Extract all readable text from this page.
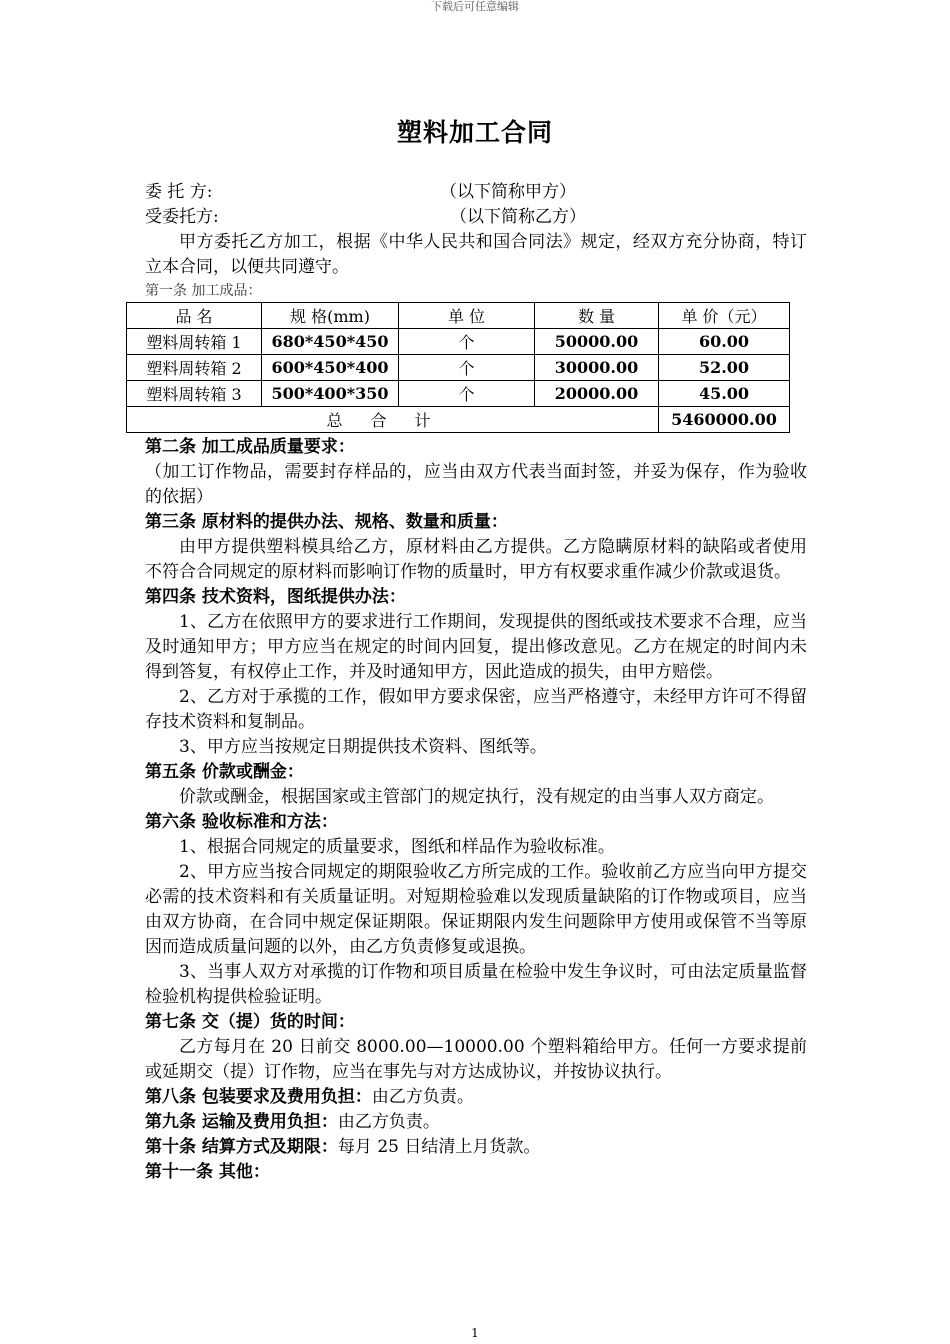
下载后可任意编辑
塑料加工合同
委 托 方:	（以下简称甲方）
受委托方:	（以下简称乙方）

甲方委托乙方加工，根据《中华人民共和国合同法》规定，经双方充分协商，特订立本合同，以便共同遵守。

第一条 加工成品：
品 名	规 格(mm)	单 位	数 量	单 价（元）
塑料周转箱 1	680*450*450	个	50000.00	60.00
塑料周转箱 2	600*450*400	个	30000.00	52.00
塑料周转箱 3	500*400*350	个	20000.00	45.00
总合计				5460000.00
第二条 加工成品质量要求：

（加工订作物品，需要封存样品的，应当由双方代表当面封签，并妥为保存，作为验收的依据）

第三条 原材料的提供办法、规格、数量和质量：

由甲方提供塑料模具给乙方，原材料由乙方提供。乙方隐瞒原材料的缺陷或者使用不符合合同规定的原材料而影响订作物的质量时，甲方有权要求重作减少价款或退货。

第四条 技术资料，图纸提供办法：

1、乙方在依照甲方的要求进行工作期间，发现提供的图纸或技术要求不合理，应当及时通知甲方；甲方应当在规定的时间内回复，提出修改意见。乙方在规定的时间内未得到答复，有权停止工作，并及时通知甲方，因此造成的损失，由甲方赔偿。

2、乙方对于承揽的工作，假如甲方要求保密，应当严格遵守，未经甲方许可不得留存技术资料和复制品。

3、甲方应当按规定日期提供技术资料、图纸等。

第五条 价款或酬金：

价款或酬金，根据国家或主管部门的规定执行，没有规定的由当事人双方商定。

第六条 验收标准和方法：

1、根据合同规定的质量要求，图纸和样品作为验收标准。

2、甲方应当按合同规定的期限验收乙方所完成的工作。验收前乙方应当向甲方提交必需的技术资料和有关质量证明。对短期检验难以发现质量缺陷的订作物或项目，应当由双方协商，在合同中规定保证期限。保证期限内发生问题除甲方使用或保管不当等原因而造成质量问题的以外，由乙方负责修复或退换。

3、当事人双方对承揽的订作物和项目质量在检验中发生争议时，可由法定质量监督检验机构提供检验证明。

第七条 交（提）货的时间：

乙方每月在 20 日前交 8000.00—10000.00 个塑料箱给甲方。任何一方要求提前或延期交（提）订作物，应当在事先与对方达成协议，并按协议执行。

第八条 包装要求及费用负担：由乙方负责。
第九条 运输及费用负担：由乙方负责。
第十条 结算方式及期限：每月 25 日结清上月货款。
第十一条 其他：
1
